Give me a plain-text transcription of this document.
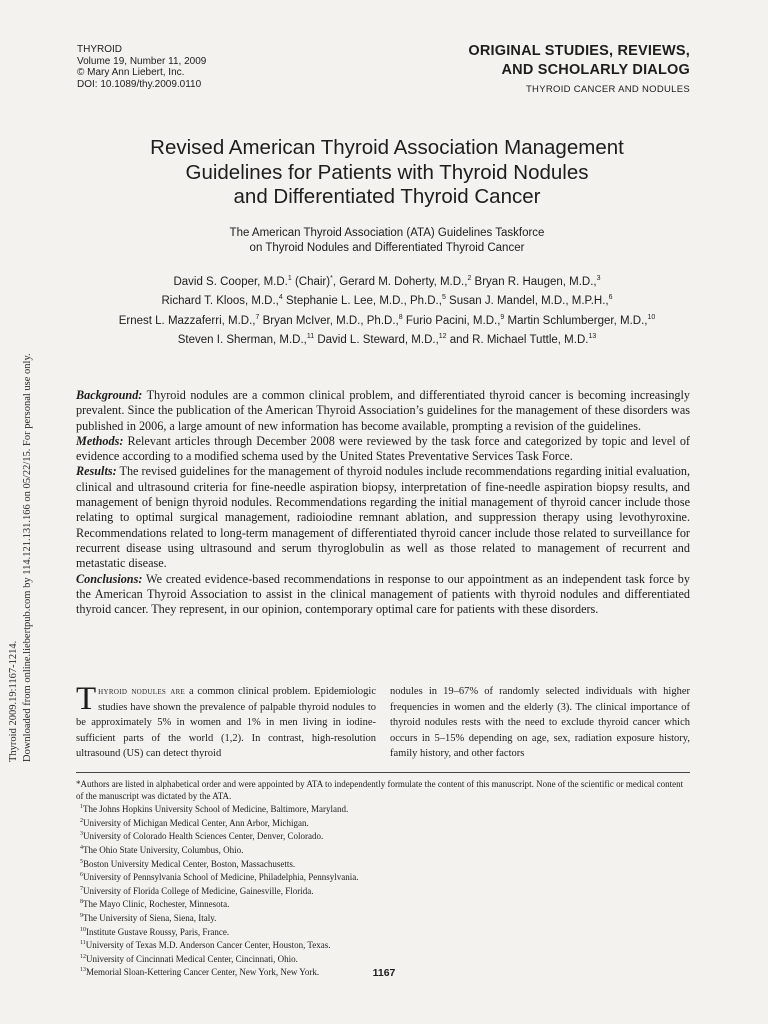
Thyroid 2009.19:1167-1214. Downloaded from online.liebertpub.com by 114.121.131.166 on 05/22/15. For personal use only.
THYROID
Volume 19, Number 11, 2009
© Mary Ann Liebert, Inc.
DOI: 10.1089/thy.2009.0110
ORIGINAL STUDIES, REVIEWS,
AND SCHOLARLY DIALOG
THYROID CANCER AND NODULES
Revised American Thyroid Association Management
Guidelines for Patients with Thyroid Nodules
and Differentiated Thyroid Cancer
The American Thyroid Association (ATA) Guidelines Taskforce
on Thyroid Nodules and Differentiated Thyroid Cancer
David S. Cooper, M.D.$^1$ (Chair)*, Gerard M. Doherty, M.D.,$^2$ Bryan R. Haugen, M.D.,$^3$
Richard T. Kloos, M.D.,$^4$ Stephanie L. Lee, M.D., Ph.D.,$^5$ Susan J. Mandel, M.D., M.P.H.,$^6$
Ernest L. Mazzaferri, M.D.,$^7$ Bryan McIver, M.D., Ph.D.,$^8$ Furio Pacini, M.D.,$^9$ Martin Schlumberger, M.D.,$^{10}$
Steven I. Sherman, M.D.,$^{11}$ David L. Steward, M.D.,$^{12}$ and R. Michael Tuttle, M.D.$^{13}$

Background: Thyroid nodules are a common clinical problem, and differentiated thyroid cancer is becoming increasingly prevalent. Since the publication of the American Thyroid Association’s guidelines for the management of these disorders was published in 2006, a large amount of new information has become available, prompting a revision of the guidelines.

Methods: Relevant articles through December 2008 were reviewed by the task force and categorized by topic and level of evidence according to a modified schema used by the United States Preventative Services Task Force.

Results: The revised guidelines for the management of thyroid nodules include recommendations regarding initial evaluation, clinical and ultrasound criteria for fine-needle aspiration biopsy, interpretation of fine-needle aspiration biopsy results, and management of benign thyroid nodules. Recommendations regarding the initial management of thyroid cancer include those relating to optimal surgical management, radioiodine remnant ablation, and suppression therapy using levothyroxine. Recommendations related to long-term management of differentiated thyroid cancer include those related to surveillance for recurrent disease using ultrasound and serum thyroglobulin as well as those related to management of recurrent and metastatic disease.

Conclusions: We created evidence-based recommendations in response to our appointment as an independent task force by the American Thyroid Association to assist in the clinical management of patients with thyroid nodules and differentiated thyroid cancer. They represent, in our opinion, contemporary optimal care for patients with these disorders.

Thyroid nodules are a common clinical problem. Epidemiologic studies have shown the prevalence of palpable thyroid nodules to be approximately 5% in women and 1% in men living in iodine-sufficient parts of the world (1,2). In contrast, high-resolution ultrasound (US) can detect thyroid
nodules in 19–67% of randomly selected individuals with higher frequencies in women and the elderly (3). The clinical importance of thyroid nodules rests with the need to exclude thyroid cancer which occurs in 5–15% depending on age, sex, radiation exposure history, family history, and other factors

*Authors are listed in alphabetical order and were appointed by ATA to independently formulate the content of this manuscript. None of the scientific or medical content of the manuscript was dictated by the ATA.

$^1$The Johns Hopkins University School of Medicine, Baltimore, Maryland.

$^2$University of Michigan Medical Center, Ann Arbor, Michigan.

$^3$University of Colorado Health Sciences Center, Denver, Colorado.

$^4$The Ohio State University, Columbus, Ohio.

$^5$Boston University Medical Center, Boston, Massachusetts.

$^6$University of Pennsylvania School of Medicine, Philadelphia, Pennsylvania.

$^7$University of Florida College of Medicine, Gainesville, Florida.

$^8$The Mayo Clinic, Rochester, Minnesota.

$^9$The University of Siena, Siena, Italy.

$^{10}$Institute Gustave Roussy, Paris, France.

$^{11}$University of Texas M.D. Anderson Cancer Center, Houston, Texas.

$^{12}$University of Cincinnati Medical Center, Cincinnati, Ohio.

$^{13}$Memorial Sloan-Kettering Cancer Center, New York, New York.	1167
